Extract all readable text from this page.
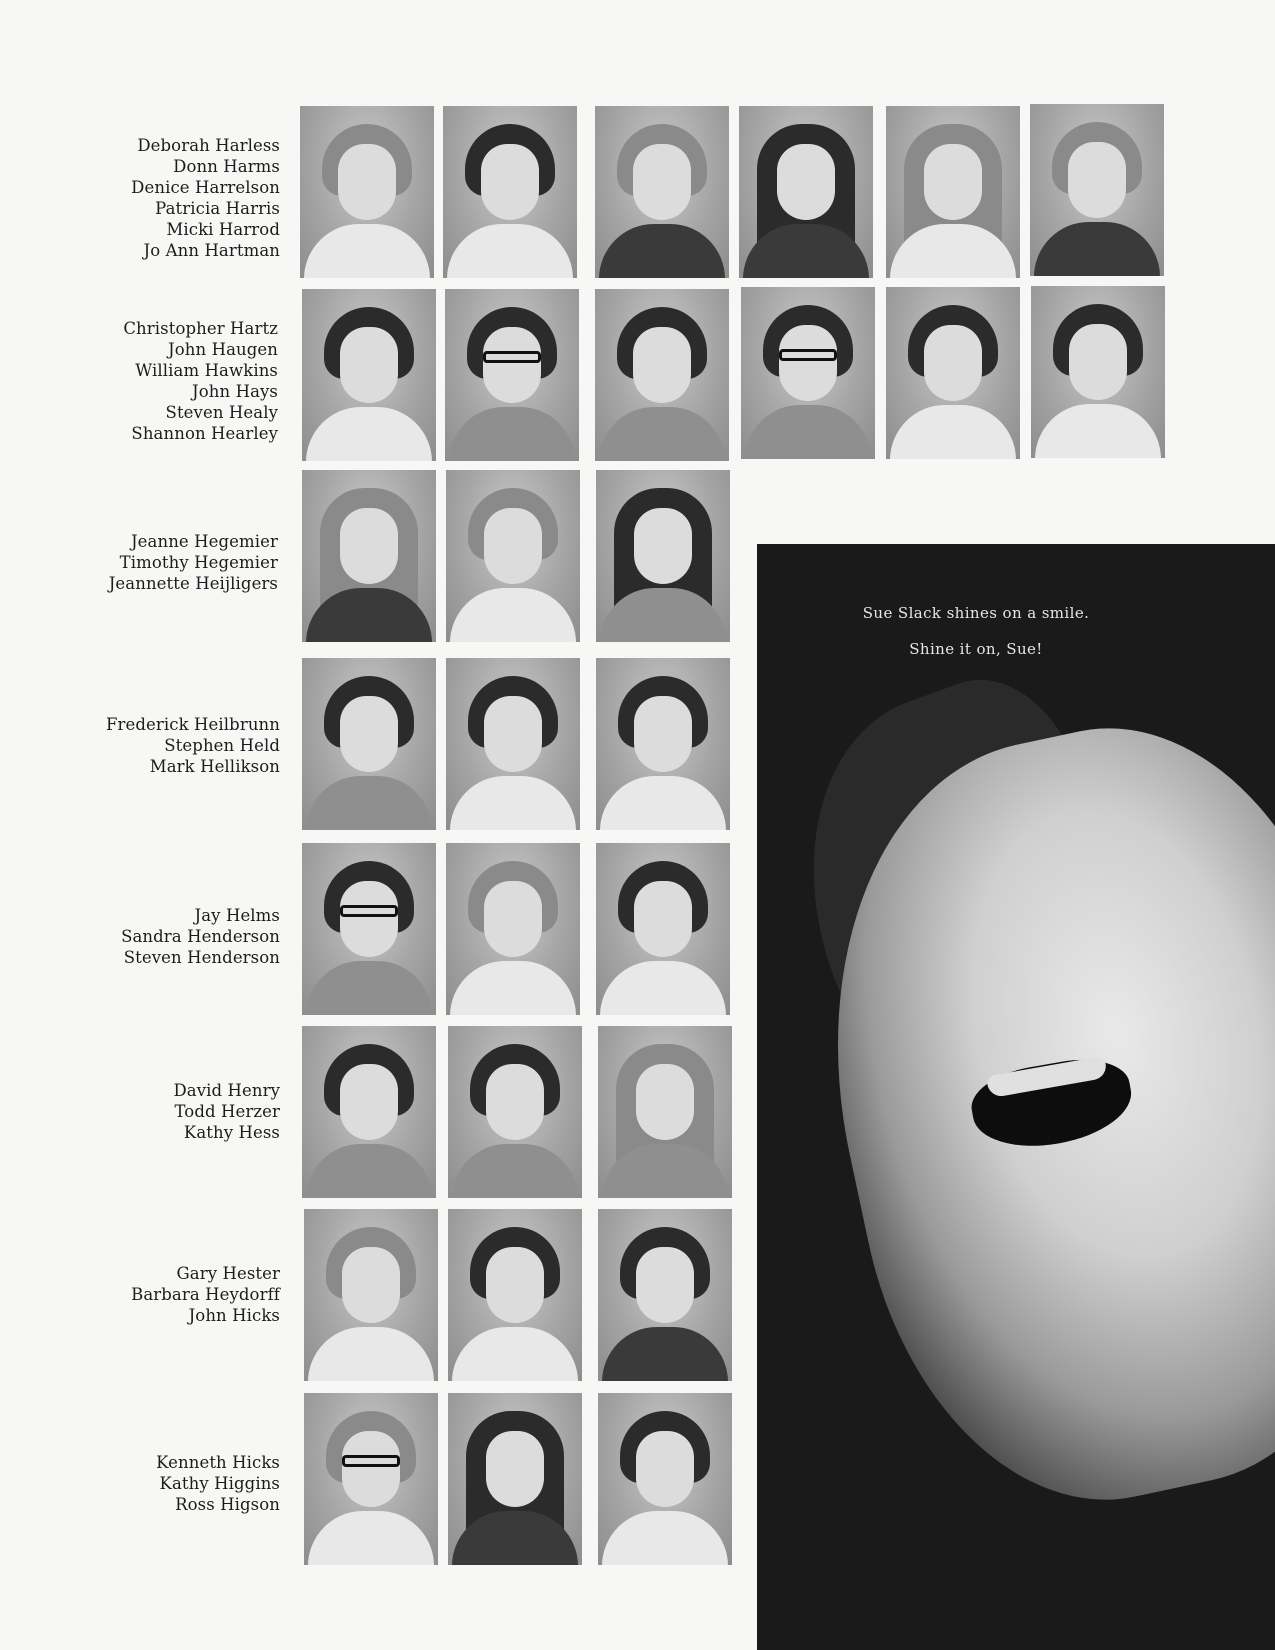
Deborah Harless
Donn Harms
Denice Harrelson
Patricia Harris
Micki Harrod
Jo Ann Hartman
Christopher Hartz
John Haugen
William Hawkins
John Hays
Steven Healy
Shannon Hearley
Jeanne Hegemier
Timothy Hegemier
Jeannette Heijligers
Frederick Heilbrunn
Stephen Held
Mark Hellikson
Jay Helms
Sandra Henderson
Steven Henderson
David Henry
Todd Herzer
Kathy Hess
Gary Hester
Barbara Heydorff
John Hicks
Kenneth Hicks
Kathy Higgins
Ross Higson
Sue Slack shines on a smile.
Shine it on, Sue!
